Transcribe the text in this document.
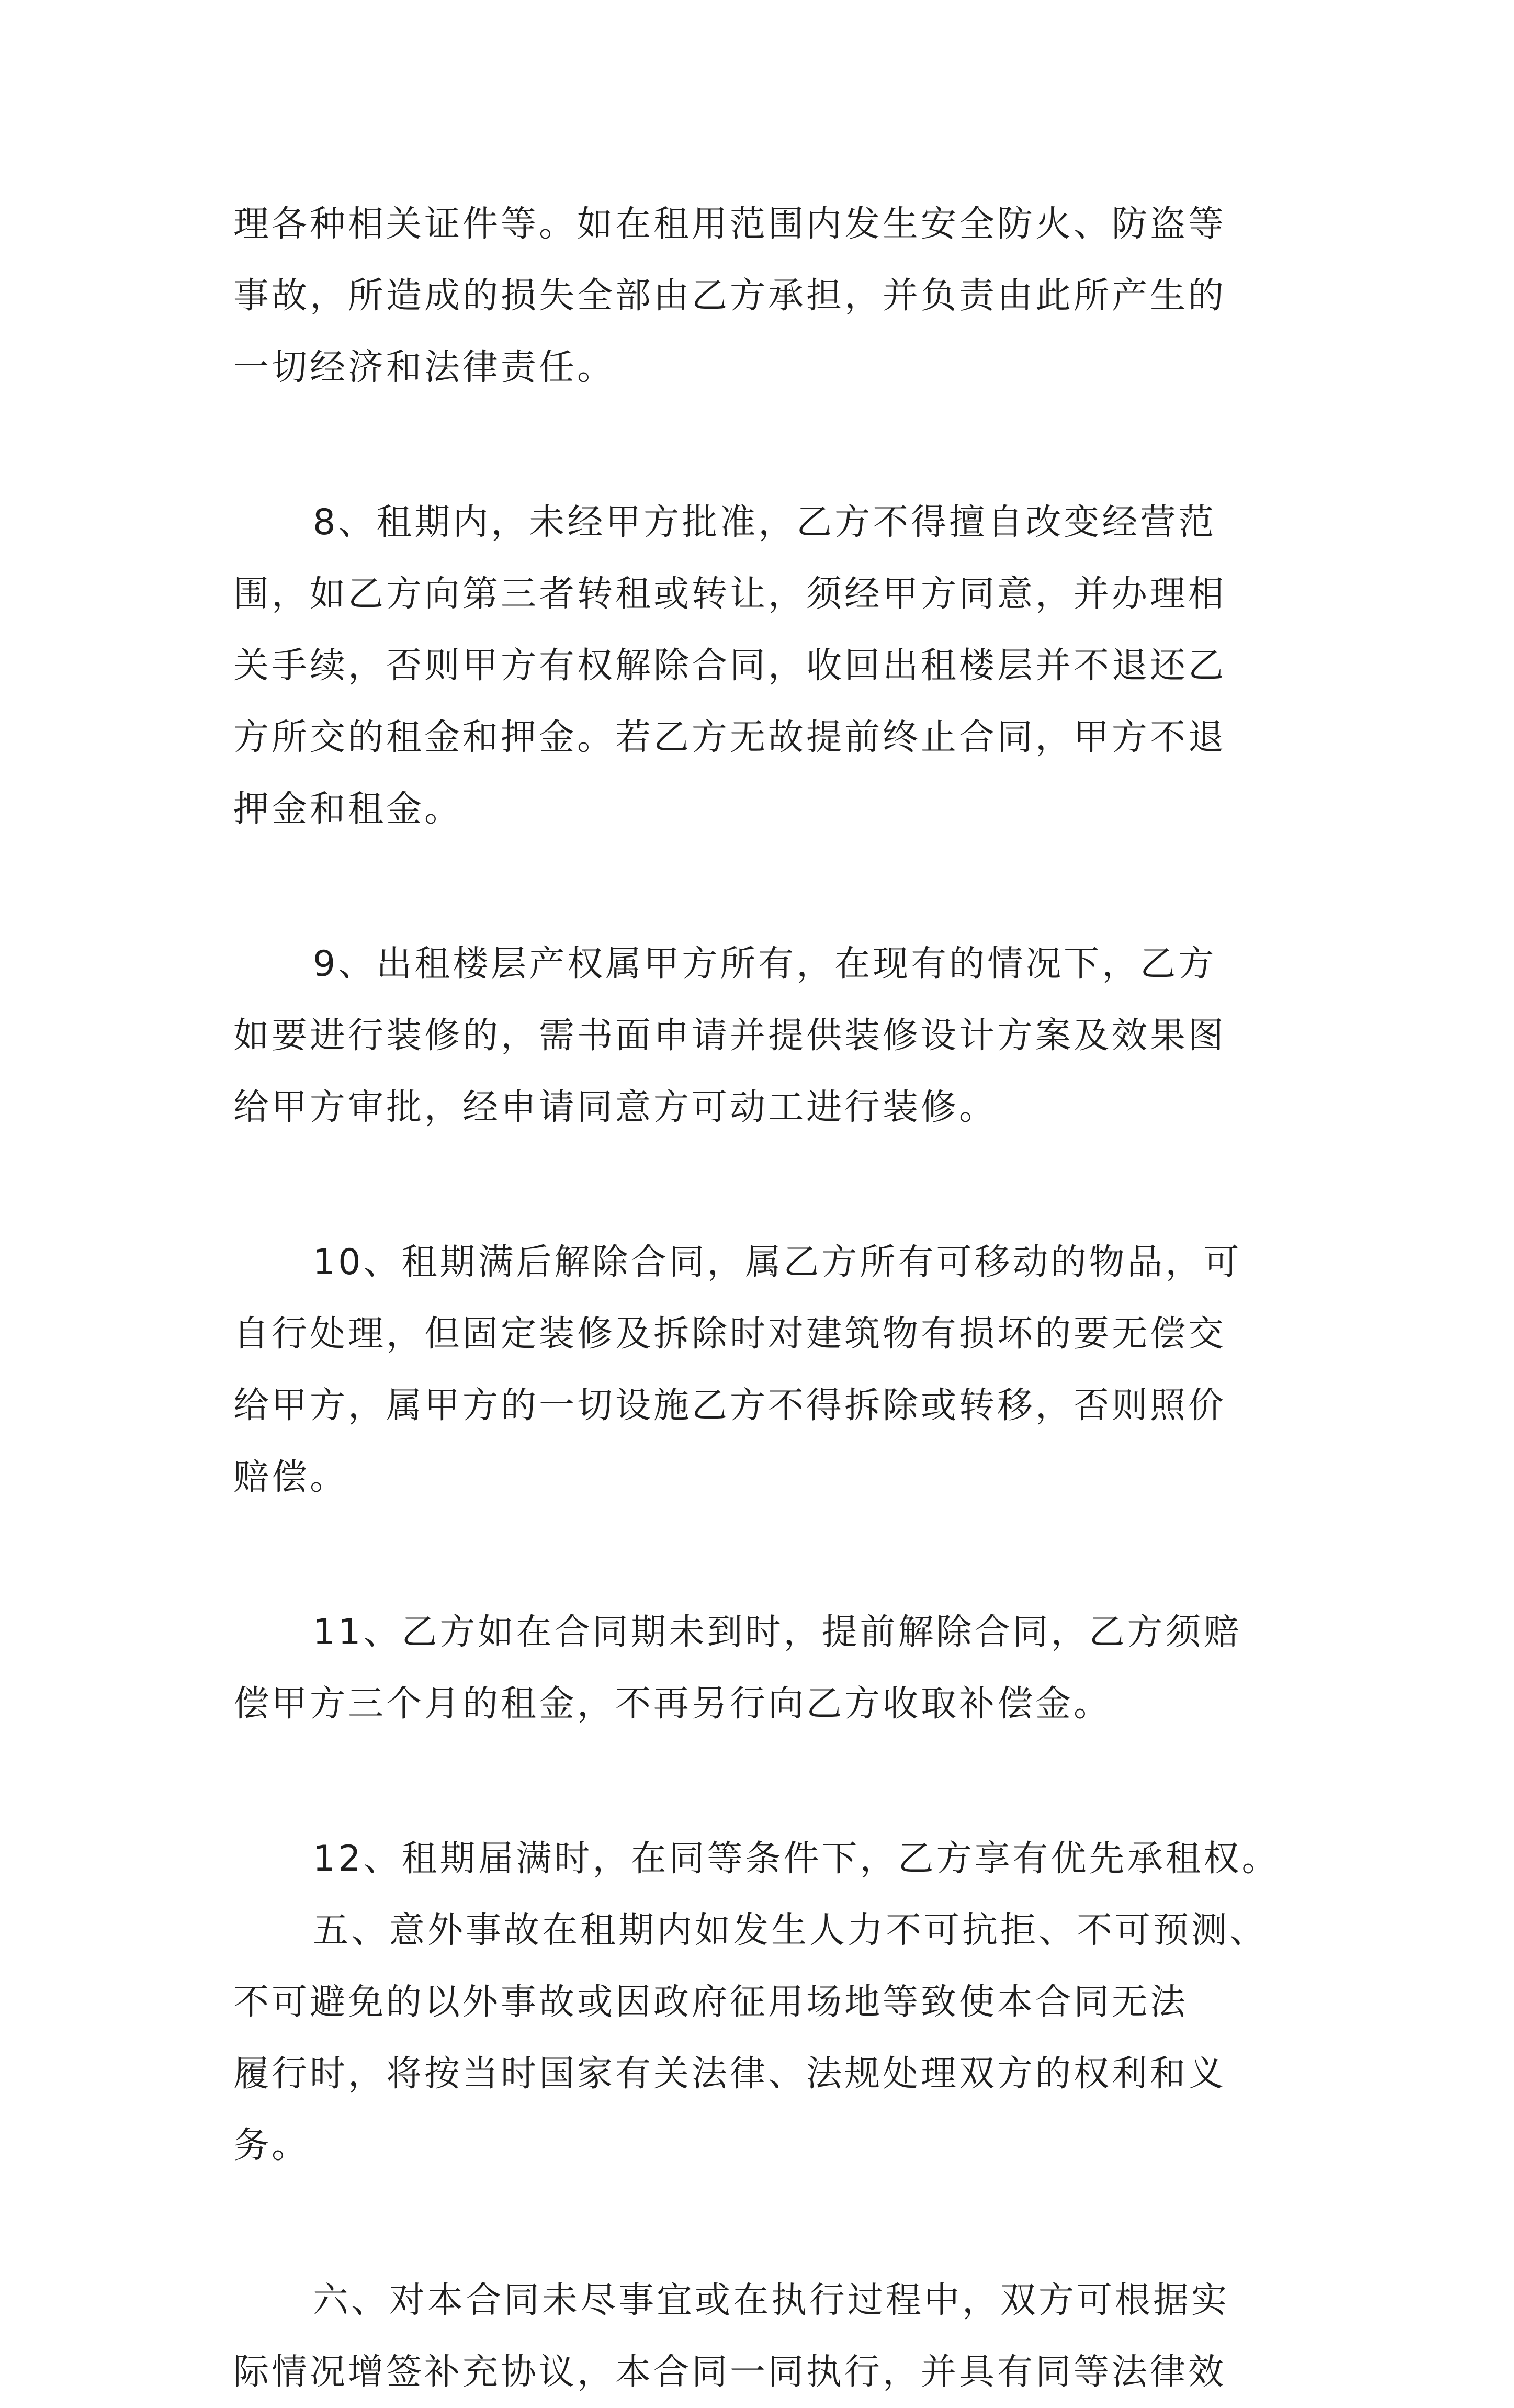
理各种相关证件等。如在租用范围内发生安全防火、防盗等
事故，所造成的损失全部由乙方承担，并负责由此所产生的
一切经济和法律责任。
8、租期内，未经甲方批准，乙方不得擅自改变经营范
围，如乙方向第三者转租或转让，须经甲方同意，并办理相
关手续，否则甲方有权解除合同，收回出租楼层并不退还乙
方所交的租金和押金。若乙方无故提前终止合同，甲方不退
押金和租金。
9、出租楼层产权属甲方所有，在现有的情况下，乙方
如要进行装修的，需书面申请并提供装修设计方案及效果图
给甲方审批，经申请同意方可动工进行装修。
10、租期满后解除合同，属乙方所有可移动的物品，可
自行处理，但固定装修及拆除时对建筑物有损坏的要无偿交
给甲方，属甲方的一切设施乙方不得拆除或转移，否则照价
赔偿。
11、乙方如在合同期未到时，提前解除合同，乙方须赔
偿甲方三个月的租金，不再另行向乙方收取补偿金。
12、租期届满时，在同等条件下，乙方享有优先承租权。
五、意外事故在租期内如发生人力不可抗拒、不可预测、
不可避免的以外事故或因政府征用场地等致使本合同无法
履行时，将按当时国家有关法律、法规处理双方的权利和义
务。
六、对本合同未尽事宜或在执行过程中，双方可根据实
际情况增签补充协议，本合同一同执行，并具有同等法律效
